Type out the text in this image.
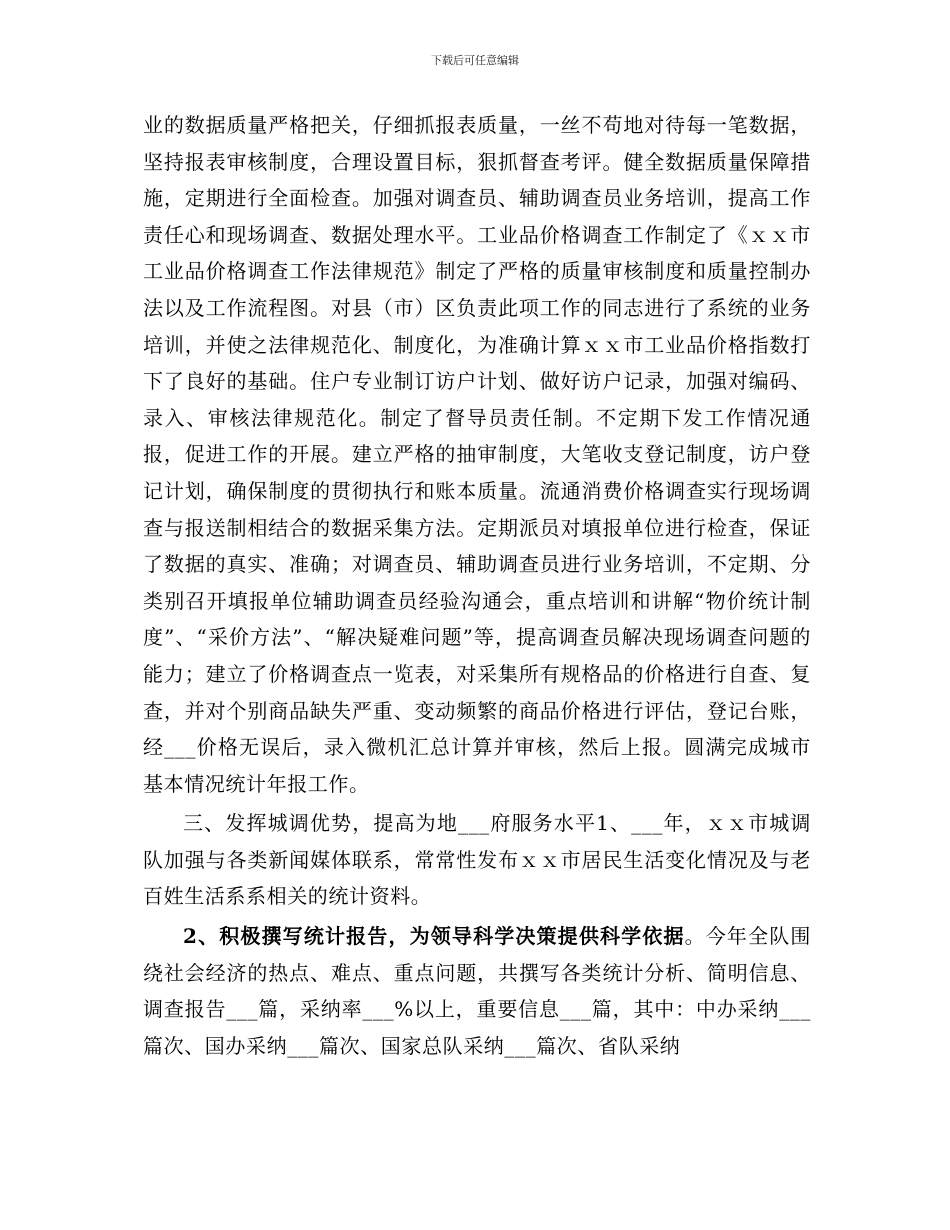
下载后可任意编辑

业的数据质量严格把关，仔细抓报表质量，一丝不苟地对待每一笔数据，坚持报表审核制度，合理设置目标，狠抓督查考评。健全数据质量保障措施，定期进行全面检查。加强对调查员、辅助调查员业务培训，提高工作责任心和现场调查、数据处理水平。工业品价格调查工作制定了《ｘｘ市工业品价格调查工作法律规范》制定了严格的质量审核制度和质量控制办法以及工作流程图。对县（市）区负责此项工作的同志进行了系统的业务培训，并使之法律规范化、制度化，为准确计算ｘｘ市工业品价格指数打下了良好的基础。住户专业制订访户计划、做好访户记录，加强对编码、录入、审核法律规范化。制定了督导员责任制。不定期下发工作情况通报，促进工作的开展。建立严格的抽审制度，大笔收支登记制度，访户登记计划，确保制度的贯彻执行和账本质量。流通消费价格调查实行现场调查与报送制相结合的数据采集方法。定期派员对填报单位进行检查，保证了数据的真实、准确；对调查员、辅助调查员进行业务培训，不定期、分类别召开填报单位辅助调查员经验沟通会，重点培训和讲解“物价统计制度”、“采价方法”、“解决疑难问题”等，提高调查员解决现场调查问题的能力；建立了价格调查点一览表，对采集所有规格品的价格进行自查、复查，并对个别商品缺失严重、变动频繁的商品价格进行评估，登记台账，经___价格无误后，录入微机汇总计算并审核，然后上报。圆满完成城市基本情况统计年报工作。

三、发挥城调优势，提高为地___府服务水平1、___年，ｘｘ市城调队加强与各类新闻媒体联系，常常性发布ｘｘ市居民生活变化情况及与老百姓生活系系相关的统计资料。

2、积极撰写统计报告，为领导科学决策提供科学依据。今年全队围绕社会经济的热点、难点、重点问题，共撰写各类统计分析、简明信息、调查报告___篇，采纳率___%以上，重要信息___篇，其中：中办采纳___篇次、国办采纳___篇次、国家总队采纳___篇次、省队采纳
